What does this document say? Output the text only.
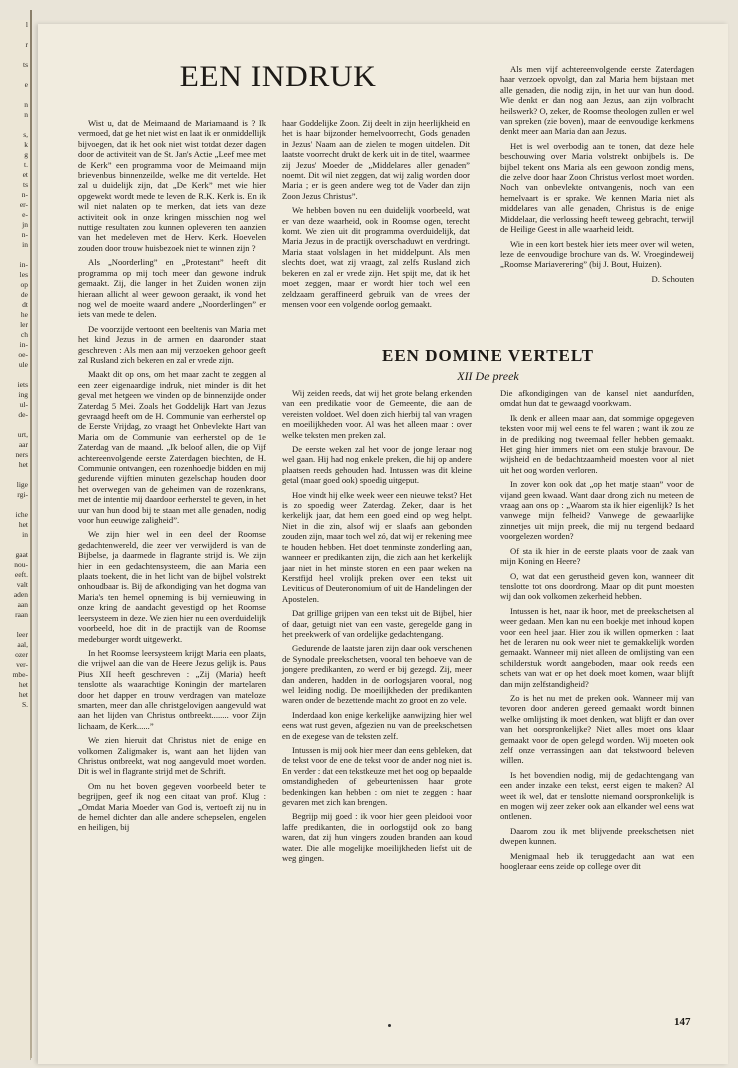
l

r

ts

e

n
n

s,
k
g
t.
et
ts
n-
er-
e-
jn
n-
in

in-
les
op
de
dt
he
ler
ch
in-
oe-
ule

iets
ing
ul-
de-

urt,
aar
ners
het

lige
rgi-

iche
het
in

gaat
nou-
eeft.
valt
aden
aan
raan

leer
aal,
ozer
ver-
mbe-
het
het
S.
EEN INDRUK

Wist u, dat de Meimaand de Mariamaand is ? Ik vermoed, dat ge het niet wist en laat ik er onmiddellijk bijvoegen, dat ik het ook niet wist totdat dezer dagen door de activiteit van de St. Jan's Actie „Leef mee met de Kerk” een programma voor de Meimaand mijn brievenbus binnenzeilde, welke me dit vertelde. Het zal u duidelijk zijn, dat „De Kerk” met wie hier opgewekt wordt mede te leven de R.K. Kerk is. En ik wil niet nalaten op te merken, dat iets van deze activiteit ook in onze kringen misschien nog wel nuttige resultaten zou kunnen opleveren ten aanzien van het medeleven met de Herv. Kerk. Hoevelen zouden door trouw huisbezoek niet te winnen zijn ?

Als „Noorderling” en „Protestant” heeft dit programma op mij toch meer dan gewone indruk gemaakt. Zij, die langer in het Zuiden wonen zijn hieraan allicht al weer gewoon geraakt, ik vond het nog wel de moeite waard andere „Noorderlingen” er iets van mede te delen.

De voorzijde vertoont een beeltenis van Maria met het kind Jezus in de armen en daaronder staat geschreven : Als men aan mij verzoeken gehoor geeft zal Rusland zich bekeren en zal er vrede zijn.

Maakt dit op ons, om het maar zacht te zeggen al een zeer eigenaardige indruk, niet minder is dit het geval met hetgeen we vinden op de binnenzijde onder Zaterdag 5 Mei. Zoals het Goddelijk Hart van Jezus gevraagd heeft om de H. Communie van eerherstel op de Eerste Vrijdag, zo vraagt het Onbevlekte Hart van Maria om de Communie van eerherstel op de 1e Zaterdag van de maand. „Ik beloof allen, die op Vijf achtereenvolgende eerste Zaterdagen biechten, de H. Communie ontvangen, een rozenhoedje bidden en mij gedurende vijftien minuten gezelschap houden door het overwegen van de geheimen van de rozenkrans, met de intentie mij daardoor eerherstel te geven, in het uur van hun dood bij te staan met alle genaden, nodig voor hun eeuwige zaligheid”.

We zijn hier wel in een deel der Roomse gedachtenwereld, die zeer ver verwijderd is van de Bijbelse, ja daarmede in flagrante strijd is. We zijn hier in een gedachtensysteem, die aan Maria een plaats toekent, die in het licht van de bijbel volstrekt onhoudbaar is. Bij de afkondiging van het dogma van Maria's ten hemel opneming is bij vernieuwing in onze kring de aandacht gevestigd op het Roomse leersysteem in deze. We zien hier nu een overduidelijk voorbeeld, hoe dit in de practijk van de Roomse medeburger wordt uitgewerkt.

In het Roomse leersysteem krijgt Maria een plaats, die vrijwel aan die van de Heere Jezus gelijk is. Paus Pius XII heeft geschreven : „Zij (Maria) heeft tenslotte als waarachtige Koningin der martelaren door het dapper en trouw verdragen van mateloze smarten, meer dan alle christgelovigen aangevuld wat aan het lijden van Christus ontbreekt........ voor Zijn lichaam, de Kerk......”

We zien hieruit dat Christus niet de enige en volkomen Zaligmaker is, want aan het lijden van Christus ontbreekt, wat nog aangevuld moet worden. Dit is wel in flagrante strijd met de Schrift.

Om nu het boven gegeven voorbeeld beter te begrijpen, geef ik nog een citaat van prof. Klug : „Omdat Maria Moeder van God is, vertoeft zij nu in de hemel dichter dan alle andere schepselen, engelen en heiligen, bij

haar Goddelijke Zoon. Zij deelt in zijn heerlijkheid en het is haar bijzonder hemelvoorrecht, Gods genaden in Jezus' Naam aan de zielen te mogen uitdelen. Dit laatste voorrecht drukt de kerk uit in de titel, waarmee zij Jezus' Moeder de „Middelares aller genaden” noemt. Dit wil niet zeggen, dat wij zalig worden door Maria ; er is geen andere weg tot de Vader dan zijn Zoon Jezus Christus”.

We hebben boven nu een duidelijk voorbeeld, wat er van deze waarheid, ook in Roomse ogen, terecht komt. We zien uit dit programma overduidelijk, dat Maria Jezus in de practijk overschaduwt en verdringt. Maria staat volslagen in het middelpunt. Als men slechts doet, wat zij vraagt, zal zelfs Rusland zich bekeren en zal er vrede zijn. Het spijt me, dat ik het moet zeggen, maar er wordt hier toch wel een zeldzaam geraffineerd gebruik van de vrees der mensen voor een volgende oorlog gemaakt.

Als men vijf achtereenvolgende eerste Zaterdagen haar verzoek opvolgt, dan zal Maria hem bijstaan met alle genaden, die nodig zijn, in het uur van hun dood. Wie denkt er dan nog aan Jezus, aan zijn volbracht heilswerk? O, zeker, de Roomse theologen zullen er wel van spreken (zie boven), maar de eenvoudige kerkmens denkt meer aan Maria dan aan Jezus.

Het is wel overbodig aan te tonen, dat deze hele beschouwing over Maria volstrekt onbijbels is. De bijbel tekent ons Maria als een gewoon zondig mens, die zelve door haar Zoon Christus verlost moet worden. Noch van onbevlekte ontvangenis, noch van een hemelvaart is er sprake. We kennen Maria niet als middelares van alle genaden, Christus is de enige Middelaar, die verlossing heeft teweeg gebracht, terwijl de Heilige Geest in alle waarheid leidt.

Wie in een kort bestek hier iets meer over wil weten, leze de eenvoudige brochure van ds. W. Vroegindeweij „Roomse Mariaverering” (bij J. Bout, Huizen).

D. Schouten
EEN DOMINE VERTELT
XII De preek

Wij zeiden reeds, dat wij het grote belang erkenden van een predikatie voor de Gemeente, die aan de vereisten voldoet. Wel doen zich hierbij tal van vragen en moeilijkheden voor. Al was het alleen maar : over welke teksten men preken zal.

De eerste weken zal het voor de jonge leraar nog wel gaan. Hij had nog enkele preken, die hij op andere plaatsen reeds gehouden had. Intussen was dit kleine getal (maar goed ook) spoedig uitgeput.

Hoe vindt hij elke week weer een nieuwe tekst? Het is zo spoedig weer Zaterdag. Zeker, daar is het kerkelijk jaar, dat hem een goed eind op weg helpt. Niet in die zin, alsof wij er slaafs aan gebonden zouden zijn, maar toch wel zó, dat wij er rekening mee te houden hebben. Het doet tenminste zonderling aan, wanneer er predikanten zijn, die zich aan het kerkelijk jaar niet in het minste storen en een paar weken na Kerstfijd heel vrolijk preken over een tekst uit Leviticus of Deuteronomium of uit de Handelingen der Apostelen.

Dat grilligе grijpen van een tekst uit de Bijbel, hier of daar, getuigt niet van een vaste, geregelde gang in het preekwerk of van ordelijke gedachtengang.

Gedurende de laatste jaren zijn daar ook verschenen de Synodale preekschetsen, vooral ten behoeve van de jongere predikanten, zo werd er bij gezegd. Zij, meer dan anderen, hadden in de oorlogsjaren vooral, nog wel leiding nodig. De moeilijkheden der predikanten waren onder de bezettende macht zo groot en zo vele.

Inderdaad kon enige kerkelijke aanwijzing hier wel eens wat rust geven, afgezien nu van de preekschetsen en de exegese van de teksten zelf.

Intussen is mij ook hier meer dan eens gebleken, dat de tekst voor de ene de tekst voor de ander nog niet is. En verder : dat een tekstkeuze met het oog op bepaalde omstandigheden of gebeurtenissen haar grote bedenkingen kan hebben : om niet te zeggen : haar gevaren met zich kan brengen.

Begrijp mij goed : ik voor hier geen pleidooi voor laffe predikanten, die in oorlogstijd ook zo bang waren, dat zij hun vingers zouden branden aan koud water. Die alle mogelijke moeilijkheden liefst uit de weg gingen.

Die afkondigingen van de kansel niet aandurfden, omdat hun dat te gewaagd voorkwam.

Ik denk er alleen maar aan, dat sommige opgegeven teksten voor mij wel eens te fel waren ; want ik zou ze in de prediking nog tweemaal feller hebben gemaakt. Het ging hier immers niet om een stukje bravour. De wijsheid en de bedachtzaamheid moesten voor al niet uit het oog worden verloren.

In zover kon ook dat „op het matje staan” voor de vijand geen kwaad. Want daar drong zich nu meteen de vraag aan ons op : „Waarom sta ik hier eigenlijk? Is het vanwege mijn felheid? Vanwege de gewaarlijke zinnetjes uit mijn preek, die mij nu tergend bedaard voorgelezen worden?

Of sta ik hier in de eerste plaats voor de zaak van mijn Koning en Heere?

O, wat dat een gerustheid geven kon, wanneer dit tenslotte tot ons doordrong. Maar op dit punt moesten wij dan ook volkomen zekerheid hebben.

Intussen is het, naar ik hoor, met de preekschetsen al weer gedaan. Men kan nu een boekje met inhoud kopen voor een heel jaar. Hier zou ik willen opmerken : laat het de leraren nu ook weer niet te gemakkelijk worden gemaakt. Wanneer mij niet alleen de omlijsting van een schilderstuk wordt aangeboden, maar ook reeds een schets van wat er op het doek moet komen, waar blijft dan mijn zelfstandigheid?

Zo is het nu met de preken ook. Wanneer mij van tevoren door anderen gereed gemaakt wordt binnen welke omlijsting ik moet denken, wat blijft er dan over van het oorspronkelijke? Niet alles moet ons klaar gemaakt voor de open gelegd worden. Wij moeten ook zelf onze verrassingen aan dat tekstwoord beleven willen.

Is het bovendien nodig, mij de gedachtengang van een ander inzake een tekst, eerst eigen te maken? Al weet ik wel, dat er tenslotte niemand oorspronkelijk is en mogen wij zeer zeker ook aan elkander wel eens wat ontlenen.

Daarom zou ik met blijvende preekschetsen niet dwepen kunnen.

Menigmaal heb ik teruggedacht aan wat een hoogleraar eens zeide op college over dit

147
